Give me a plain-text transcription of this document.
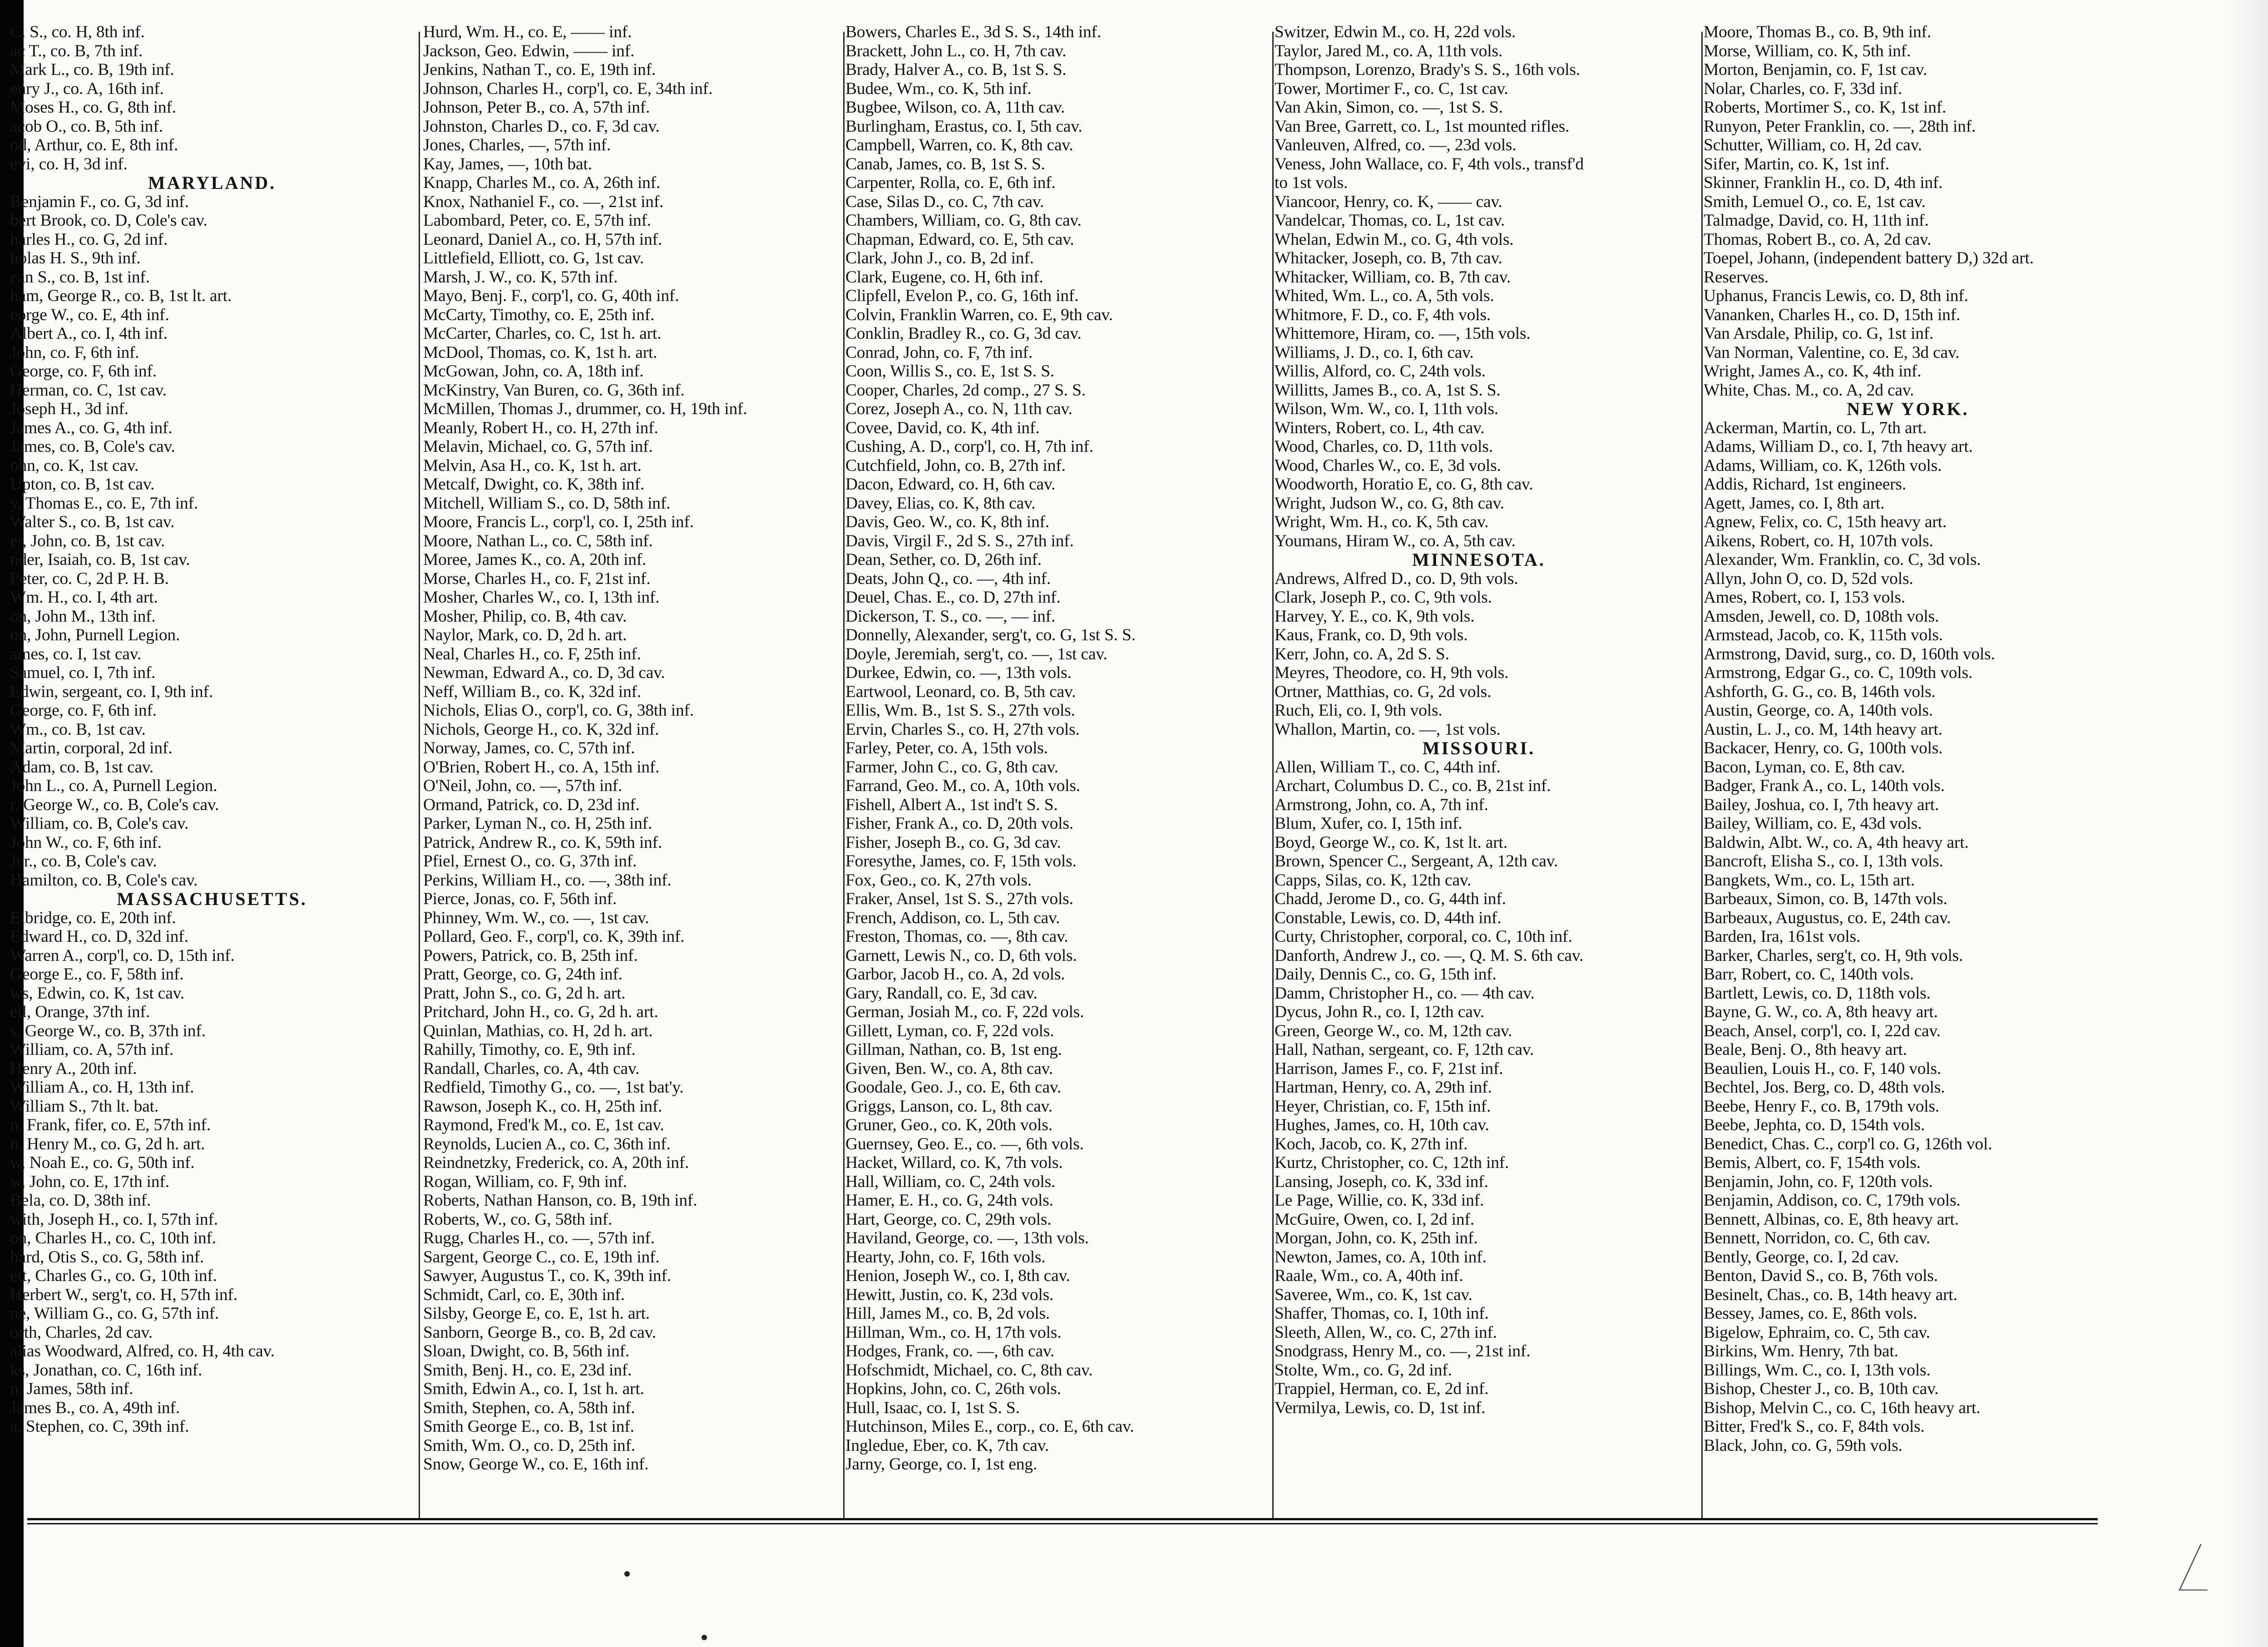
C. S., co. H, 8th inf.
ac T., co. B, 7th inf.
Mark L., co. B, 19th inf.
enry J., co. A, 16th inf.
Moses H., co. G, 8th inf.
acob O., co. B, 5th inf.
od, Arthur, co. E, 8th inf.
evi, co. H, 3d inf.
MARYLAND.
Benjamin F., co. G, 3d inf.
bert Brook, co. D, Cole's cav.
harles H., co. G, 2d inf.
holas H. S., 9th inf.
ean S., co. B, 1st inf.
ham, George R., co. B, 1st lt. art.
eorge W., co. E, 4th inf.
Albert A., co. I, 4th inf.
John, co. F, 6th inf.
George, co. F, 6th inf.
Herman, co. C, 1st cav.
Joseph H., 3d inf.
James A., co. G, 4th inf.
James, co. B, Cole's cav.
ohn, co. K, 1st cav.
Upton, co. B, 1st cav.
y, Thomas E., co. E, 7th inf.
Walter S., co. B, 1st cav.
er, John, co. B, 1st cav.
nder, Isaiah, co. B, 1st cav.
Peter, co. C, 2d P. H. B.
Wm. H., co. I, 4th art.
on, John M., 13th inf.
on, John, Purnell Legion.
ames, co. I, 1st cav.
Samuel, co. I, 7th inf.
Edwin, sergeant, co. I, 9th inf.
George, co. F, 6th inf.
Wm., co. B, 1st cav.
Martin, corporal, 2d inf.
Adam, co. B, 1st cav.
John L., co. A, Purnell Legion.
r, George W., co. B, Cole's cav.
William, co. B, Cole's cav.
John W., co. F, 6th inf.
Jer., co. B, Cole's cav.
Hamilton, co. B, Cole's cav.
MASSACHUSETTS.
Elbridge, co. E, 20th inf.
Edward H., co. D, 32d inf.
Warren A., corp'l, co. D, 15th inf.
George E., co. F, 58th inf.
ws, Edwin, co. K, 1st cav.
ell, Orange, 37th inf.
s, George W., co. B, 37th inf.
William, co. A, 57th inf.
Henry A., 20th inf.
William A., co. H, 13th inf.
William S., 7th lt. bat.
n, Frank, fifer, co. E, 57th inf.
n, Henry M., co. G, 2d h. art.
w, Noah E., co. G, 50th inf.
w, John, co. E, 17th inf.
Bela, co. D, 38th inf.
with, Joseph H., co. I, 57th inf.
on, Charles H., co. C, 10th inf.
hard, Otis S., co. G, 58th inf.
ett, Charles G., co. G, 10th inf.
Herbert W., serg't, co. H, 57th inf.
ne, William G., co. G, 57th inf.
orth, Charles, 2d cav.
alias Woodward, Alfred, co. H, 4th cav.
ks, Jonathan, co. C, 16th inf.
n, James, 58th inf.
James B., co. A, 49th inf.
a, Stephen, co. C, 39th inf.
Hurd, Wm. H., co. E, —— inf.
Jackson, Geo. Edwin, —— inf.
Jenkins, Nathan T., co. E, 19th inf.
Johnson, Charles H., corp'l, co. E, 34th inf.
Johnson, Peter B., co. A, 57th inf.
Johnston, Charles D., co. F, 3d cav.
Jones, Charles, —, 57th inf.
Kay, James, —, 10th bat.
Knapp, Charles M., co. A, 26th inf.
Knox, Nathaniel F., co. —, 21st inf.
Labombard, Peter, co. E, 57th inf.
Leonard, Daniel A., co. H, 57th inf.
Littlefield, Elliott, co. G, 1st cav.
Marsh, J. W., co. K, 57th inf.
Mayo, Benj. F., corp'l, co. G, 40th inf.
McCarty, Timothy, co. E, 25th inf.
McCarter, Charles, co. C, 1st h. art.
McDool, Thomas, co. K, 1st h. art.
McGowan, John, co. A, 18th inf.
McKinstry, Van Buren, co. G, 36th inf.
McMillen, Thomas J., drummer, co. H, 19th inf.
Meanly, Robert H., co. H, 27th inf.
Melavin, Michael, co. G, 57th inf.
Melvin, Asa H., co. K, 1st h. art.
Metcalf, Dwight, co. K, 38th inf.
Mitchell, William S., co. D, 58th inf.
Moore, Francis L., corp'l, co. I, 25th inf.
Moore, Nathan L., co. C, 58th inf.
Moree, James K., co. A, 20th inf.
Morse, Charles H., co. F, 21st inf.
Mosher, Charles W., co. I, 13th inf.
Mosher, Philip, co. B, 4th cav.
Naylor, Mark, co. D, 2d h. art.
Neal, Charles H., co. F, 25th inf.
Newman, Edward A., co. D, 3d cav.
Neff, William B., co. K, 32d inf.
Nichols, Elias O., corp'l, co. G, 38th inf.
Nichols, George H., co. K, 32d inf.
Norway, James, co. C, 57th inf.
O'Brien, Robert H., co. A, 15th inf.
O'Neil, John, co. —, 57th inf.
Ormand, Patrick, co. D, 23d inf.
Parker, Lyman N., co. H, 25th inf.
Patrick, Andrew R., co. K, 59th inf.
Pfiel, Ernest O., co. G, 37th inf.
Perkins, William H., co. —, 38th inf.
Pierce, Jonas, co. F, 56th inf.
Phinney, Wm. W., co. —, 1st cav.
Pollard, Geo. F., corp'l, co. K, 39th inf.
Powers, Patrick, co. B, 25th inf.
Pratt, George, co. G, 24th inf.
Pratt, John S., co. G, 2d h. art.
Pritchard, John H., co. G, 2d h. art.
Quinlan, Mathias, co. H, 2d h. art.
Rahilly, Timothy, co. E, 9th inf.
Randall, Charles, co. A, 4th cav.
Redfield, Timothy G., co. —, 1st bat'y.
Rawson, Joseph K., co. H, 25th inf.
Raymond, Fred'k M., co. E, 1st cav.
Reynolds, Lucien A., co. C, 36th inf.
Reindnetzky, Frederick, co. A, 20th inf.
Rogan, William, co. F, 9th inf.
Roberts, Nathan Hanson, co. B, 19th inf.
Roberts, W., co. G, 58th inf.
Rugg, Charles H., co. —, 57th inf.
Sargent, George C., co. E, 19th inf.
Sawyer, Augustus T., co. K, 39th inf.
Schmidt, Carl, co. E, 30th inf.
Silsby, George E, co. E, 1st h. art.
Sanborn, George B., co. B, 2d cav.
Sloan, Dwight, co. B, 56th inf.
Smith, Benj. H., co. E, 23d inf.
Smith, Edwin A., co. I, 1st h. art.
Smith, Stephen, co. A, 58th inf.
Smith George E., co. B, 1st inf.
Smith, Wm. O., co. D, 25th inf.
Snow, George W., co. E, 16th inf.
Bowers, Charles E., 3d S. S., 14th inf.
Brackett, John L., co. H, 7th cav.
Brady, Halver A., co. B, 1st S. S.
Budee, Wm., co. K, 5th inf.
Bugbee, Wilson, co. A, 11th cav.
Burlingham, Erastus, co. I, 5th cav.
Campbell, Warren, co. K, 8th cav.
Canab, James, co. B, 1st S. S.
Carpenter, Rolla, co. E, 6th inf.
Case, Silas D., co. C, 7th cav.
Chambers, William, co. G, 8th cav.
Chapman, Edward, co. E, 5th cav.
Clark, John J., co. B, 2d inf.
Clark, Eugene, co. H, 6th inf.
Clipfell, Evelon P., co. G, 16th inf.
Colvin, Franklin Warren, co. E, 9th cav.
Conklin, Bradley R., co. G, 3d cav.
Conrad, John, co. F, 7th inf.
Coon, Willis S., co. E, 1st S. S.
Cooper, Charles, 2d comp., 27 S. S.
Corez, Joseph A., co. N, 11th cav.
Covee, David, co. K, 4th inf.
Cushing, A. D., corp'l, co. H, 7th inf.
Cutchfield, John, co. B, 27th inf.
Dacon, Edward, co. H, 6th cav.
Davey, Elias, co. K, 8th cav.
Davis, Geo. W., co. K, 8th inf.
Davis, Virgil F., 2d S. S., 27th inf.
Dean, Sether, co. D, 26th inf.
Deats, John Q., co. —, 4th inf.
Deuel, Chas. E., co. D, 27th inf.
Dickerson, T. S., co. —, — inf.
Donnelly, Alexander, serg't, co. G, 1st S. S.
Doyle, Jeremiah, serg't, co. —, 1st cav.
Durkee, Edwin, co. —, 13th vols.
Eartwool, Leonard, co. B, 5th cav.
Ellis, Wm. B., 1st S. S., 27th vols.
Ervin, Charles S., co. H, 27th vols.
Farley, Peter, co. A, 15th vols.
Farmer, John C., co. G, 8th cav.
Farrand, Geo. M., co. A, 10th vols.
Fishell, Albert A., 1st ind't S. S.
Fisher, Frank A., co. D, 20th vols.
Fisher, Joseph B., co. G, 3d cav.
Foresythe, James, co. F, 15th vols.
Fox, Geo., co. K, 27th vols.
Fraker, Ansel, 1st S. S., 27th vols.
French, Addison, co. L, 5th cav.
Freston, Thomas, co. —, 8th cav.
Garnett, Lewis N., co. D, 6th vols.
Garbor, Jacob H., co. A, 2d vols.
Gary, Randall, co. E, 3d cav.
German, Josiah M., co. F, 22d vols.
Gillett, Lyman, co. F, 22d vols.
Gillman, Nathan, co. B, 1st eng.
Given, Ben. W., co. A, 8th cav.
Goodale, Geo. J., co. E, 6th cav.
Griggs, Lanson, co. L, 8th cav.
Gruner, Geo., co. K, 20th vols.
Guernsey, Geo. E., co. —, 6th vols.
Hacket, Willard, co. K, 7th vols.
Hall, William, co. C, 24th vols.
Hamer, E. H., co. G, 24th vols.
Hart, George, co. C, 29th vols.
Haviland, George, co. —, 13th vols.
Hearty, John, co. F, 16th vols.
Henion, Joseph W., co. I, 8th cav.
Hewitt, Justin, co. K, 23d vols.
Hill, James M., co. B, 2d vols.
Hillman, Wm., co. H, 17th vols.
Hodges, Frank, co. —, 6th cav.
Hofschmidt, Michael, co. C, 8th cav.
Hopkins, John, co. C, 26th vols.
Hull, Isaac, co. I, 1st S. S.
Hutchinson, Miles E., corp., co. E, 6th cav.
Ingledue, Eber, co. K, 7th cav.
Jarny, George, co. I, 1st eng.
Switzer, Edwin M., co. H, 22d vols.
Taylor, Jared M., co. A, 11th vols.
Thompson, Lorenzo, Brady's S. S., 16th vols.
Tower, Mortimer F., co. C, 1st cav.
Van Akin, Simon, co. —, 1st S. S.
Van Bree, Garrett, co. L, 1st mounted rifles.
Vanleuven, Alfred, co. —, 23d vols.
Veness, John Wallace, co. F, 4th vols., transf'd
to 1st vols.
Viancoor, Henry, co. K, —— cav.
Vandelcar, Thomas, co. L, 1st cav.
Whelan, Edwin M., co. G, 4th vols.
Whitacker, Joseph, co. B, 7th cav.
Whitacker, William, co. B, 7th cav.
Whited, Wm. L., co. A, 5th vols.
Whitmore, F. D., co. F, 4th vols.
Whittemore, Hiram, co. —, 15th vols.
Williams, J. D., co. I, 6th cav.
Willis, Alford, co. C, 24th vols.
Willitts, James B., co. A, 1st S. S.
Wilson, Wm. W., co. I, 11th vols.
Winters, Robert, co. L, 4th cav.
Wood, Charles, co. D, 11th vols.
Wood, Charles W., co. E, 3d vols.
Woodworth, Horatio E, co. G, 8th cav.
Wright, Judson W., co. G, 8th cav.
Wright, Wm. H., co. K, 5th cav.
Youmans, Hiram W., co. A, 5th cav.
MINNESOTA.
Andrews, Alfred D., co. D, 9th vols.
Clark, Joseph P., co. C, 9th vols.
Harvey, Y. E., co. K, 9th vols.
Kaus, Frank, co. D, 9th vols.
Kerr, John, co. A, 2d S. S.
Meyres, Theodore, co. H, 9th vols.
Ortner, Matthias, co. G, 2d vols.
Ruch, Eli, co. I, 9th vols.
Whallon, Martin, co. —, 1st vols.
MISSOURI.
Allen, William T., co. C, 44th inf.
Archart, Columbus D. C., co. B, 21st inf.
Armstrong, John, co. A, 7th inf.
Blum, Xufer, co. I, 15th inf.
Boyd, George W., co. K, 1st lt. art.
Brown, Spencer C., Sergeant, A, 12th cav.
Capps, Silas, co. K, 12th cav.
Chadd, Jerome D., co. G, 44th inf.
Constable, Lewis, co. D, 44th inf.
Curty, Christopher, corporal, co. C, 10th inf.
Danforth, Andrew J., co. —, Q. M. S. 6th cav.
Daily, Dennis C., co. G, 15th inf.
Damm, Christopher H., co. — 4th cav.
Dycus, John R., co. I, 12th cav.
Green, George W., co. M, 12th cav.
Hall, Nathan, sergeant, co. F, 12th cav.
Harrison, James F., co. F, 21st inf.
Hartman, Henry, co. A, 29th inf.
Heyer, Christian, co. F, 15th inf.
Hughes, James, co. H, 10th cav.
Koch, Jacob, co. K, 27th inf.
Kurtz, Christopher, co. C, 12th inf.
Lansing, Joseph, co. K, 33d inf.
Le Page, Willie, co. K, 33d inf.
McGuire, Owen, co. I, 2d inf.
Morgan, John, co. K, 25th inf.
Newton, James, co. A, 10th inf.
Raale, Wm., co. A, 40th inf.
Saveree, Wm., co. K, 1st cav.
Shaffer, Thomas, co. I, 10th inf.
Sleeth, Allen, W., co. C, 27th inf.
Snodgrass, Henry M., co. —, 21st inf.
Stolte, Wm., co. G, 2d inf.
Trappiel, Herman, co. E, 2d inf.
Vermilya, Lewis, co. D, 1st inf.
Moore, Thomas B., co. B, 9th inf.
Morse, William, co. K, 5th inf.
Morton, Benjamin, co. F, 1st cav.
Nolar, Charles, co. F, 33d inf.
Roberts, Mortimer S., co. K, 1st inf.
Runyon, Peter Franklin, co. —, 28th inf.
Schutter, William, co. H, 2d cav.
Sifer, Martin, co. K, 1st inf.
Skinner, Franklin H., co. D, 4th inf.
Smith, Lemuel O., co. E, 1st cav.
Talmadge, David, co. H, 11th inf.
Thomas, Robert B., co. A, 2d cav.
Toepel, Johann, (independent battery D,) 32d art.
Reserves.
Uphanus, Francis Lewis, co. D, 8th inf.
Vananken, Charles H., co. D, 15th inf.
Van Arsdale, Philip, co. G, 1st inf.
Van Norman, Valentine, co. E, 3d cav.
Wright, James A., co. K, 4th inf.
White, Chas. M., co. A, 2d cav.
NEW YORK.
Ackerman, Martin, co. L, 7th art.
Adams, William D., co. I, 7th heavy art.
Adams, William, co. K, 126th vols.
Addis, Richard, 1st engineers.
Agett, James, co. I, 8th art.
Agnew, Felix, co. C, 15th heavy art.
Aikens, Robert, co. H, 107th vols.
Alexander, Wm. Franklin, co. C, 3d vols.
Allyn, John O, co. D, 52d vols.
Ames, Robert, co. I, 153 vols.
Amsden, Jewell, co. D, 108th vols.
Armstead, Jacob, co. K, 115th vols.
Armstrong, David, surg., co. D, 160th vols.
Armstrong, Edgar G., co. C, 109th vols.
Ashforth, G. G., co. B, 146th vols.
Austin, George, co. A, 140th vols.
Austin, L. J., co. M, 14th heavy art.
Backacer, Henry, co. G, 100th vols.
Bacon, Lyman, co. E, 8th cav.
Badger, Frank A., co. L, 140th vols.
Bailey, Joshua, co. I, 7th heavy art.
Bailey, William, co. E, 43d vols.
Baldwin, Albt. W., co. A, 4th heavy art.
Bancroft, Elisha S., co. I, 13th vols.
Bangkets, Wm., co. L, 15th art.
Barbeaux, Simon, co. B, 147th vols.
Barbeaux, Augustus, co. E, 24th cav.
Barden, Ira, 161st vols.
Barker, Charles, serg't, co. H, 9th vols.
Barr, Robert, co. C, 140th vols.
Bartlett, Lewis, co. D, 118th vols.
Bayne, G. W., co. A, 8th heavy art.
Beach, Ansel, corp'l, co. I, 22d cav.
Beale, Benj. O., 8th heavy art.
Beaulien, Louis H., co. F, 140 vols.
Bechtel, Jos. Berg, co. D, 48th vols.
Beebe, Henry F., co. B, 179th vols.
Beebe, Jephta, co. D, 154th vols.
Benedict, Chas. C., corp'l co. G, 126th vol.
Bemis, Albert, co. F, 154th vols.
Benjamin, John, co. F, 120th vols.
Benjamin, Addison, co. C, 179th vols.
Bennett, Albinas, co. E, 8th heavy art.
Bennett, Norridon, co. C, 6th cav.
Bently, George, co. I, 2d cav.
Benton, David S., co. B, 76th vols.
Besinelt, Chas., co. B, 14th heavy art.
Bessey, James, co. E, 86th vols.
Bigelow, Ephraim, co. C, 5th cav.
Birkins, Wm. Henry, 7th bat.
Billings, Wm. C., co. I, 13th vols.
Bishop, Chester J., co. B, 10th cav.
Bishop, Melvin C., co. C, 16th heavy art.
Bitter, Fred'k S., co. F, 84th vols.
Black, John, co. G, 59th vols.
